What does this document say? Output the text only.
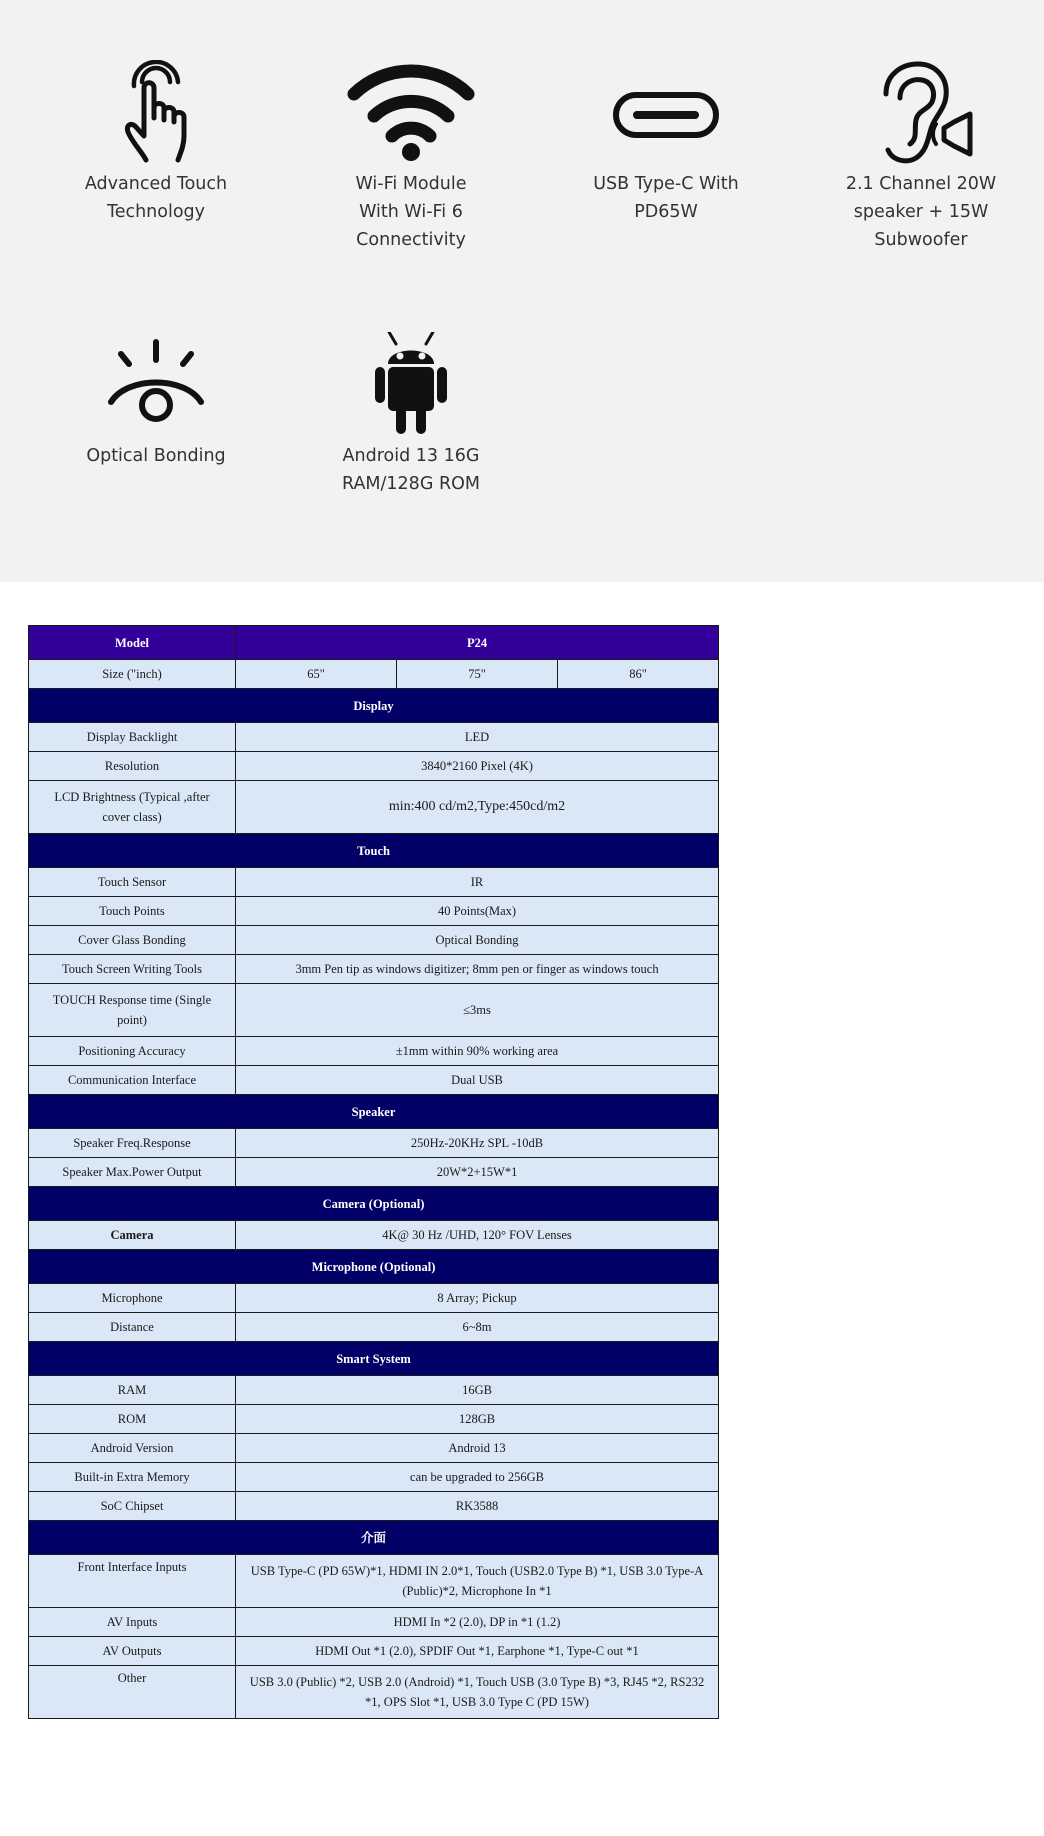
Advanced Touch
Technology
Wi-Fi Module
With Wi-Fi 6
Connectivity
USB Type-C With
PD65W
2.1 Channel 20W
speaker + 15W
Subwoofer
Optical Bonding	Android 13 16G
RAM/128G ROM
Model	P24		
Size ("inch)	65"	75"	86"
Display			
Display Backlight	LED		
Resolution	3840*2160 Pixel (4K)		
LCD Brightness (Typical ,after cover class)	min:400 cd/m2,Type:450cd/m2		
Touch			
Touch Sensor	IR		
Touch Points	40 Points(Max)		
Cover Glass Bonding	Optical Bonding		
Touch Screen Writing Tools	3mm Pen tip as windows digitizer; 8mm pen or finger as windows touch		
TOUCH Response time (Single point)	≤3ms		
Positioning Accuracy	±1mm within 90% working area		
Communication Interface	Dual USB		
Speaker			
Speaker Freq.Response	250Hz-20KHz SPL -10dB		
Speaker Max.Power Output	20W*2+15W*1		
Camera (Optional)			
Camera	4K@ 30 Hz /UHD, 120° FOV Lenses		
Microphone (Optional)			
Microphone	8 Array; Pickup		
Distance	6~8m		
Smart System			
RAM	16GB		
ROM	128GB		
Android Version	Android 13		
Built-in Extra Memory	can be upgraded to 256GB		
SoC Chipset	RK3588		
介面			
Front Interface Inputs	USB Type-C (PD 65W)*1, HDMI IN 2.0*1, Touch (USB2.0 Type B) *1, USB 3.0 Type-A (Public)*2, Microphone In *1		
AV Inputs	HDMI In *2 (2.0), DP in *1 (1.2)		
AV Outputs	HDMI Out *1 (2.0), SPDIF Out *1, Earphone *1, Type-C out *1		
Other	USB 3.0 (Public) *2, USB 2.0 (Android) *1, Touch USB (3.0 Type B) *3, RJ45 *2, RS232 *1, OPS Slot *1, USB 3.0 Type C (PD 15W)		
